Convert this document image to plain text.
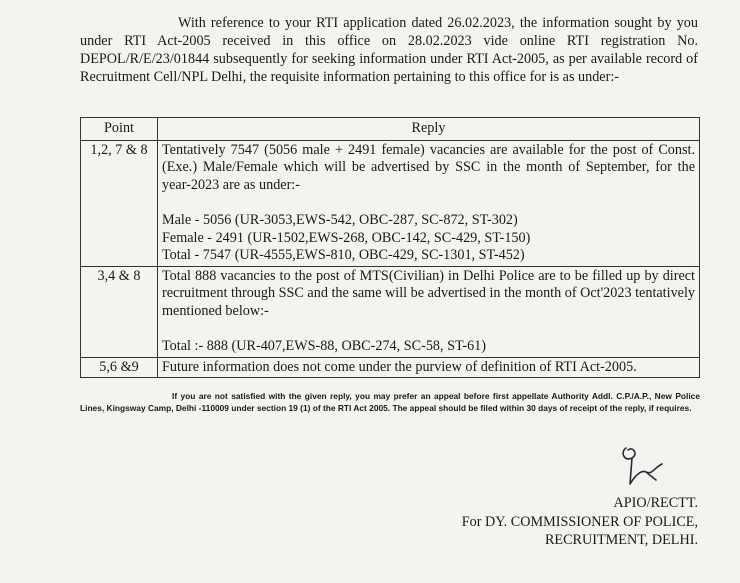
With reference to your RTI application dated 26.02.2023, the information sought by you under RTI Act-2005 received in this office on 28.02.2023 vide online RTI registration No. DEPOL/R/E/23/01844 subsequently for seeking information under RTI Act-2005, as per available record of Recruitment Cell/NPL Delhi, the requisite information pertaining to this office for is as under:-

Point	Reply
1,2, 7 & 8	Tentatively 7547 (5056 male + 2491 female) vacancies are available for the post of Const. (Exe.) Male/Female which will be advertised by SSC in the month of September, for the year-2023 are as under:-

Male - 5056 (UR-3053,EWS-542, OBC-287, SC-872, ST-302)

Female - 2491 (UR-1502,EWS-268, OBC-142, SC-429, ST-150)

Total - 7547 (UR-4555,EWS-810, OBC-429, SC-1301, ST-452)

3,4 & 8	Total 888 vacancies to the post of MTS(Civilian) in Delhi Police are to be filled up by direct recruitment through SSC and the same will be advertised in the month of Oct'2023 tentatively mentioned below:-

Total :- 888 (UR-407,EWS-88, OBC-274, SC-58, ST-61)

5,6 &9	Future information does not come under the purview of definition of RTI Act-2005.

If you are not satisfied with the given reply, you may prefer an appeal before first appellate Authority Addl. C.P./A.P., New Police Lines, Kingsway Camp, Delhi -110009 under section 19 (1) of the RTI Act 2005. The appeal should be filed within 30 days of receipt of the reply, if requires.

APIO/RECTT.
For DY. COMMISSIONER OF POLICE,
RECRUITMENT, DELHI.
